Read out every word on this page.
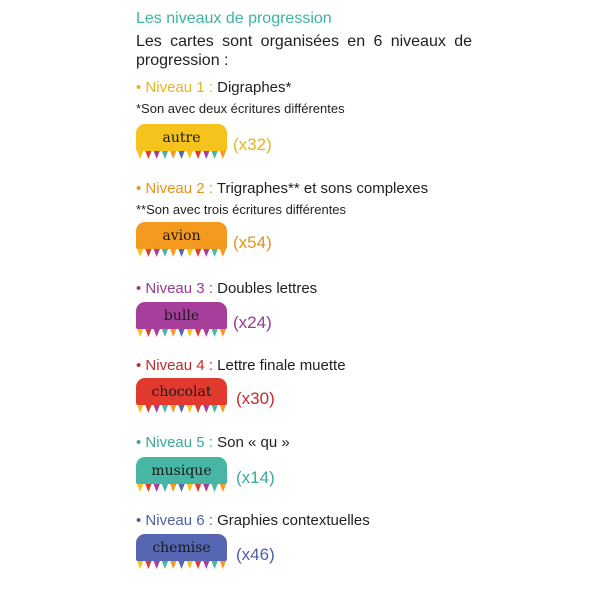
Les niveaux de progression
Les cartes sont organisées en 6 niveaux de progression :
• Niveau 1 : Digraphes*
*Son avec deux écritures différentes
autre	(x32)
• Niveau 2 : Trigraphes** et sons complexes
**Son avec trois écritures différentes
avion	(x54)
• Niveau 3 : Doubles lettres
bulle	(x24)
• Niveau 4 : Lettre finale muette
chocolat	(x30)
• Niveau 5 : Son « qu »
musique	(x14)
• Niveau 6 : Graphies contextuelles
chemise	(x46)
